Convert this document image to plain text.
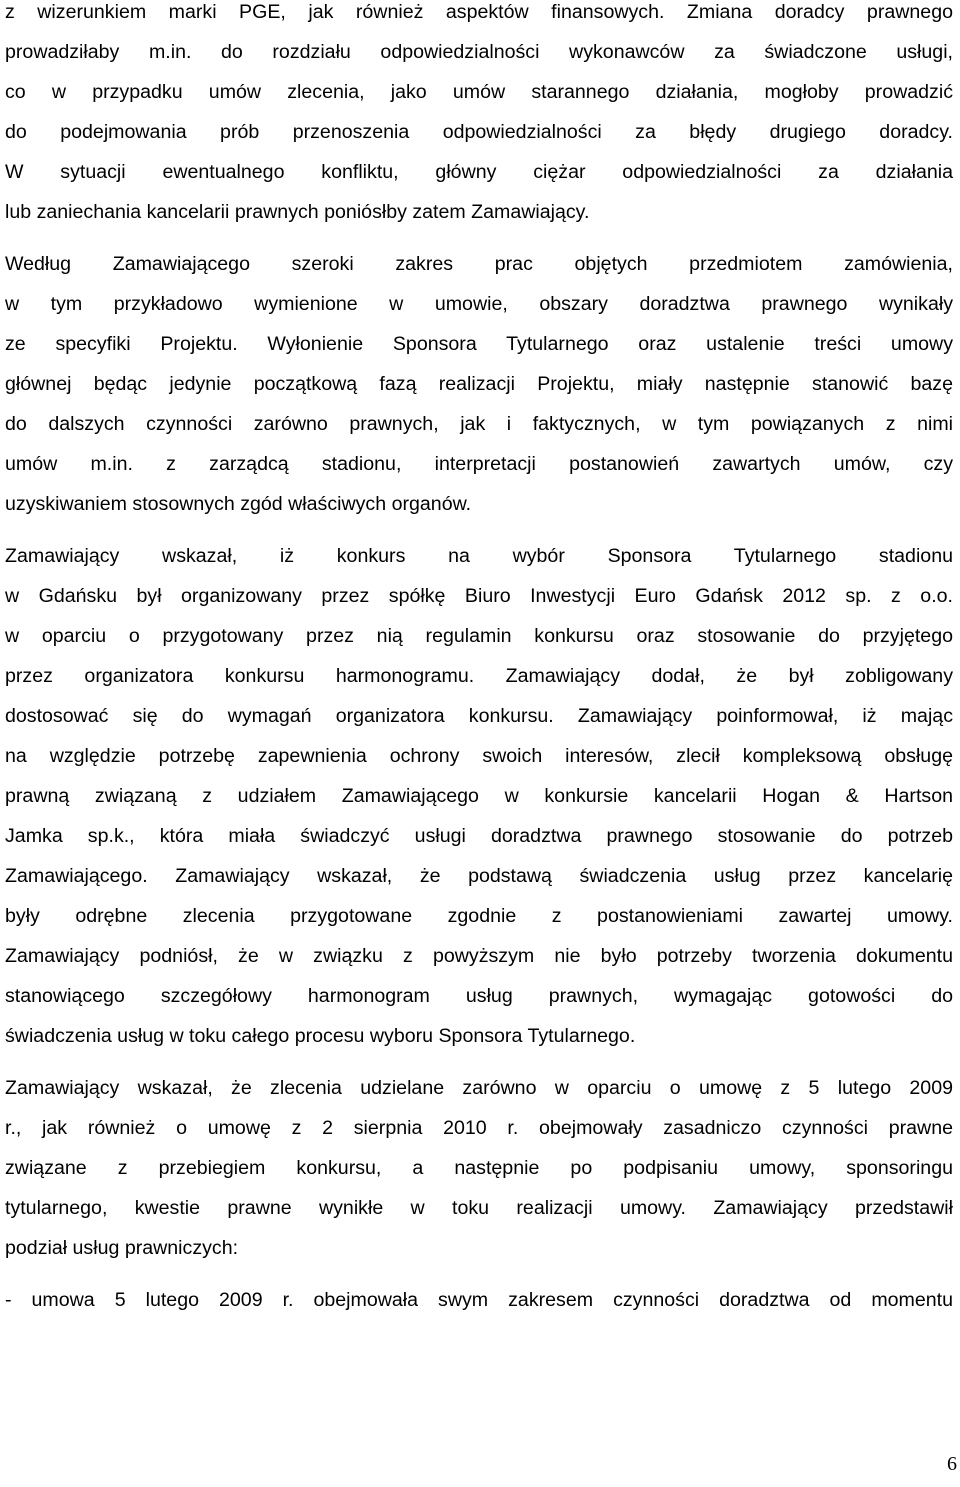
z wizerunkiem marki PGE, jak również aspektów finansowych. Zmiana doradcy prawnego
prowadziłaby m.in. do rozdziału odpowiedzialności wykonawców za świadczone usługi,
co w przypadku umów zlecenia, jako umów starannego działania, mogłoby prowadzić
do podejmowania prób przenoszenia odpowiedzialności za błędy drugiego doradcy.
W sytuacji ewentualnego konfliktu, główny ciężar odpowiedzialności za działania
lub zaniechania kancelarii prawnych poniósłby zatem Zamawiający.

Według Zamawiającego szeroki zakres prac objętych przedmiotem zamówienia,
w tym przykładowo wymienione w umowie, obszary doradztwa prawnego wynikały
ze specyfiki Projektu. Wyłonienie Sponsora Tytularnego oraz ustalenie treści umowy
głównej będąc jedynie początkową fazą realizacji Projektu, miały następnie stanowić bazę
do dalszych czynności zarówno prawnych, jak i faktycznych, w tym powiązanych z nimi
umów m.in. z zarządcą stadionu, interpretacji postanowień zawartych umów, czy
uzyskiwaniem stosownych zgód właściwych organów.

Zamawiający wskazał, iż konkurs na wybór Sponsora Tytularnego stadionu
w Gdańsku był organizowany przez spółkę Biuro Inwestycji Euro Gdańsk 2012 sp. z o.o.
w oparciu o przygotowany przez nią regulamin konkursu oraz stosowanie do przyjętego
przez organizatora konkursu harmonogramu. Zamawiający dodał, że był zobligowany
dostosować się do wymagań organizatora konkursu. Zamawiający poinformował, iż mając
na względzie potrzebę zapewnienia ochrony swoich interesów, zlecił kompleksową obsługę
prawną związaną z udziałem Zamawiającego w konkursie kancelarii Hogan & Hartson
Jamka sp.k., która miała świadczyć usługi doradztwa prawnego stosowanie do potrzeb
Zamawiającego. Zamawiający wskazał, że podstawą świadczenia usług przez kancelarię
były odrębne zlecenia przygotowane zgodnie z postanowieniami zawartej umowy.
Zamawiający podniósł, że w związku z powyższym nie było potrzeby tworzenia dokumentu
stanowiącego szczegółowy harmonogram usług prawnych, wymagając gotowości do
świadczenia usług w toku całego procesu wyboru Sponsora Tytularnego.

Zamawiający wskazał, że zlecenia udzielane zarówno w oparciu o umowę z 5 lutego 2009
r., jak również o umowę z 2 sierpnia 2010 r. obejmowały zasadniczo czynności prawne
związane z przebiegiem konkursu, a następnie po podpisaniu umowy, sponsoringu
tytularnego, kwestie prawne wynikłe w toku realizacji umowy. Zamawiający przedstawił
podział usług prawniczych:

- umowa 5 lutego 2009 r. obejmowała swym zakresem czynności doradztwa od momentu

6
